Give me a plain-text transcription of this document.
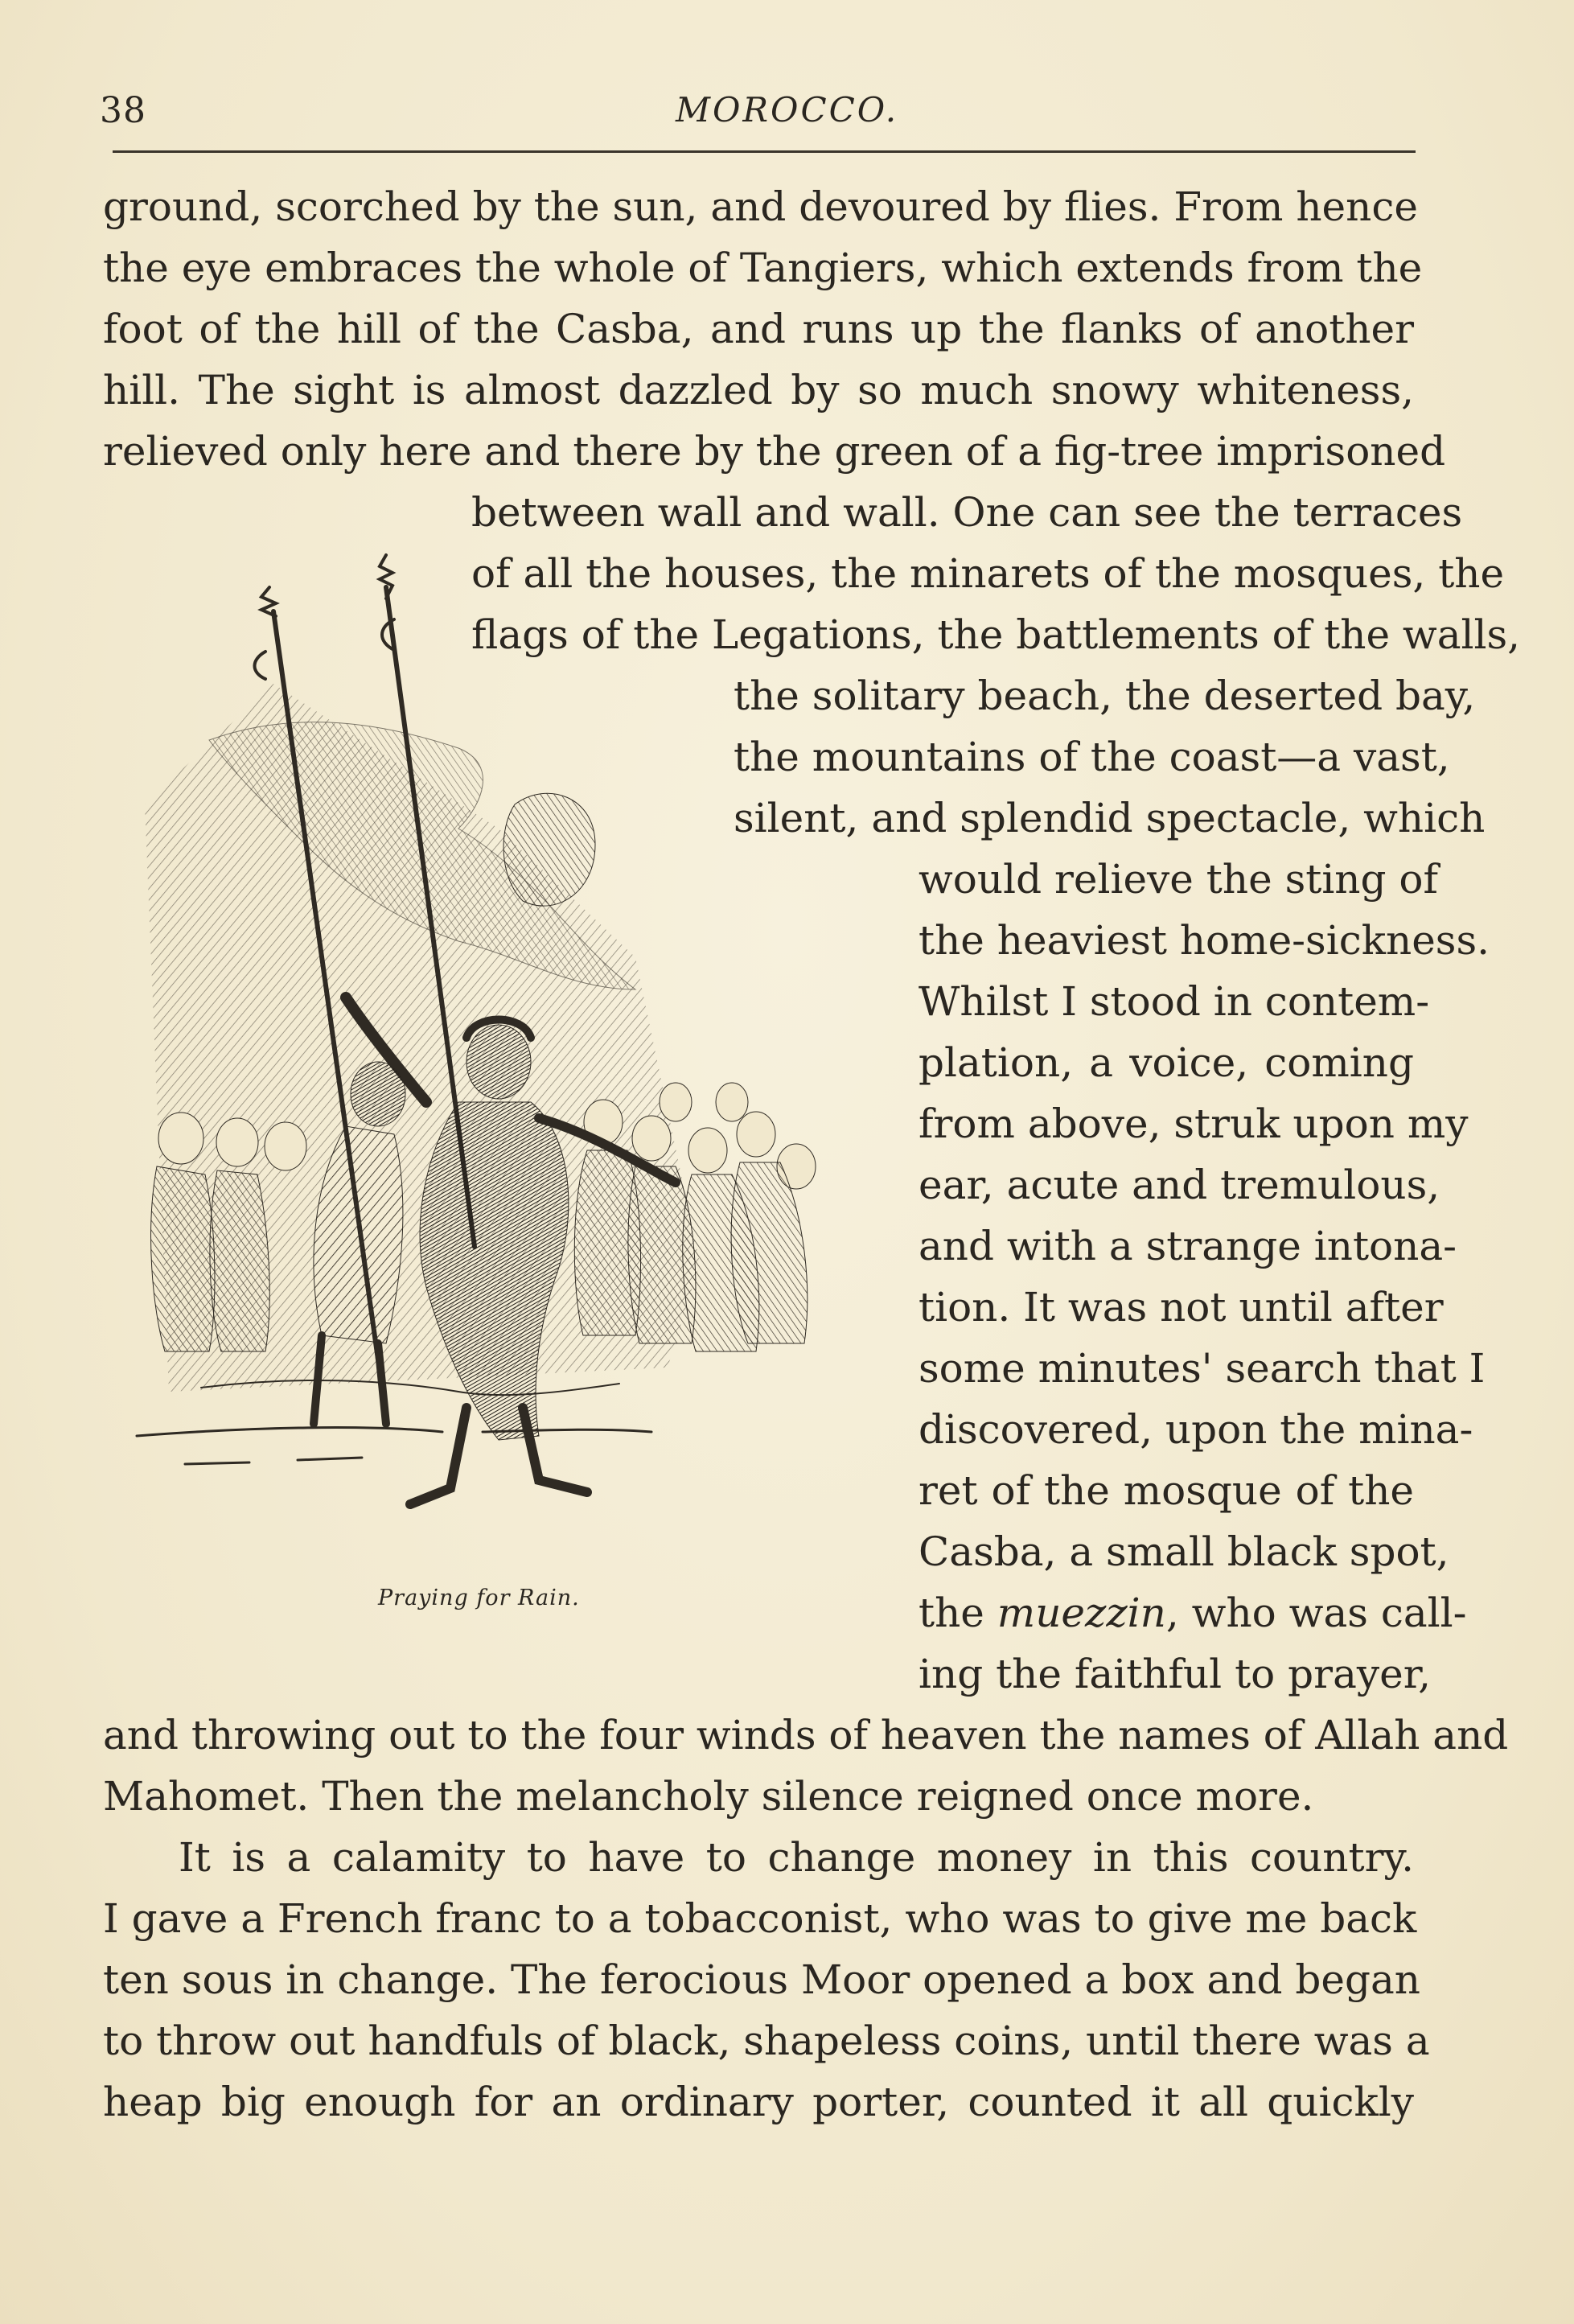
38	MOROCCO.
ground, scorched by the sun, and devoured by flies. From hence
the eye embraces the whole of Tangiers, which extends from the
foot of the hill of the Casba, and runs up the flanks of another
hill. The sight is almost dazzled by so much snowy whiteness,
relieved only here and there by the green of a fig-tree imprisoned
between wall and wall. One can see the terraces
of all the houses, the minarets of the mosques, the
flags of the Legations, the battlements of the walls,
the solitary beach, the deserted bay,
the mountains of the coast—a vast,
silent, and splendid spectacle, which
would relieve the sting of
the heaviest home-sickness.
Whilst I stood in contem-
plation, a voice, coming
from above, struk upon my
ear, acute and tremulous,
and with a strange intona-
tion. It was not until after
some minutes' search that I
discovered, upon the mina-
ret of the mosque of the
Casba, a small black spot,
the muezzin, who was call-
ing the faithful to prayer,
and throwing out to the four winds of heaven the names of Allah and
Mahomet. Then the melancholy silence reigned once more.
It is a calamity to have to change money in this country.
I gave a French franc to a tobacconist, who was to give me back
ten sous in change. The ferocious Moor opened a box and began
to throw out handfuls of black, shapeless coins, until there was a
heap big enough for an ordinary porter, counted it all quickly
Praying for Rain.
